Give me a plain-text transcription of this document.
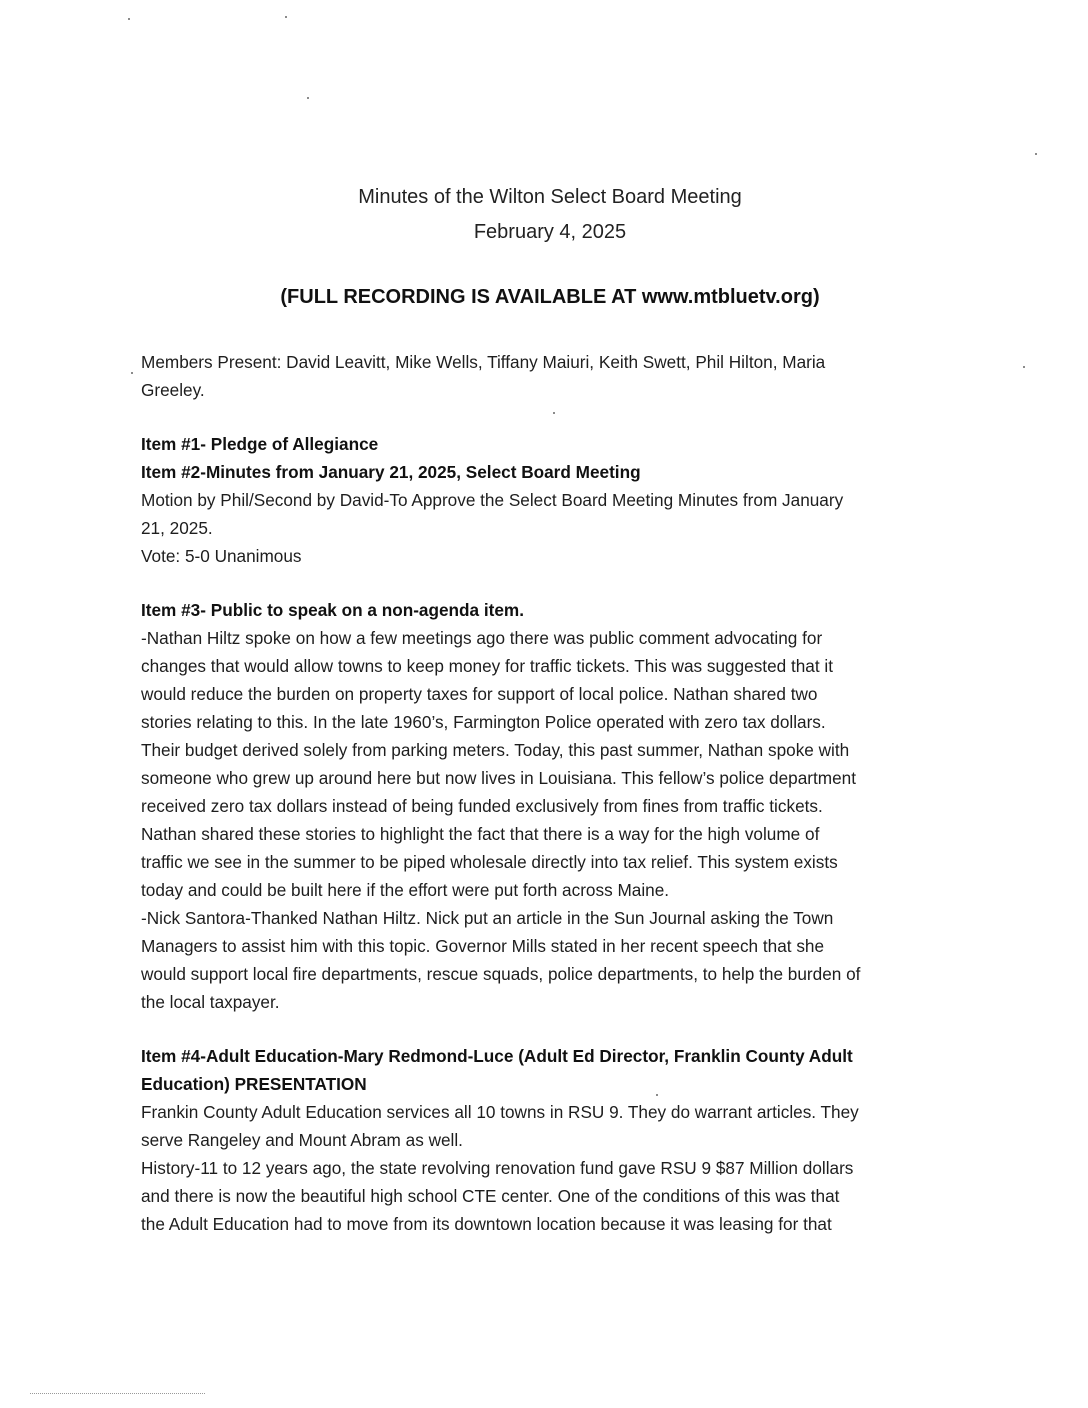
Minutes of the Wilton Select Board Meeting
February 4, 2025
(FULL RECORDING IS AVAILABLE AT www.mtbluetv.org)

Members Present: David Leavitt, Mike Wells, Tiffany Maiuri, Keith Swett, Phil Hilton, Maria

Greeley.

Item #1- Pledge of Allegiance

Item #2-Minutes from January 21, 2025, Select Board Meeting

Motion by Phil/Second by David-To Approve the Select Board Meeting Minutes from January

21, 2025.

Vote: 5-0 Unanimous

Item #3- Public to speak on a non-agenda item.

-Nathan Hiltz spoke on how a few meetings ago there was public comment advocating for

changes that would allow towns to keep money for traffic tickets. This was suggested that it

would reduce the burden on property taxes for support of local police. Nathan shared two

stories relating to this. In the late 1960’s, Farmington Police operated with zero tax dollars.

Their budget derived solely from parking meters. Today, this past summer, Nathan spoke with

someone who grew up around here but now lives in Louisiana. This fellow’s police department

received zero tax dollars instead of being funded exclusively from fines from traffic tickets.

Nathan shared these stories to highlight the fact that there is a way for the high volume of

traffic we see in the summer to be piped wholesale directly into tax relief. This system exists

today and could be built here if the effort were put forth across Maine.

-Nick Santora-Thanked Nathan Hiltz. Nick put an article in the Sun Journal asking the Town

Managers to assist him with this topic. Governor Mills stated in her recent speech that she

would support local fire departments, rescue squads, police departments, to help the burden of

the local taxpayer.

Item #4-Adult Education-Mary Redmond-Luce (Adult Ed Director, Franklin County Adult

Education) PRESENTATION

Frankin County Adult Education services all 10 towns in RSU 9. They do warrant articles. They

serve Rangeley and Mount Abram as well.

History-11 to 12 years ago, the state revolving renovation fund gave RSU 9 $87 Million dollars

and there is now the beautiful high school CTE center. One of the conditions of this was that

the Adult Education had to move from its downtown location because it was leasing for that
